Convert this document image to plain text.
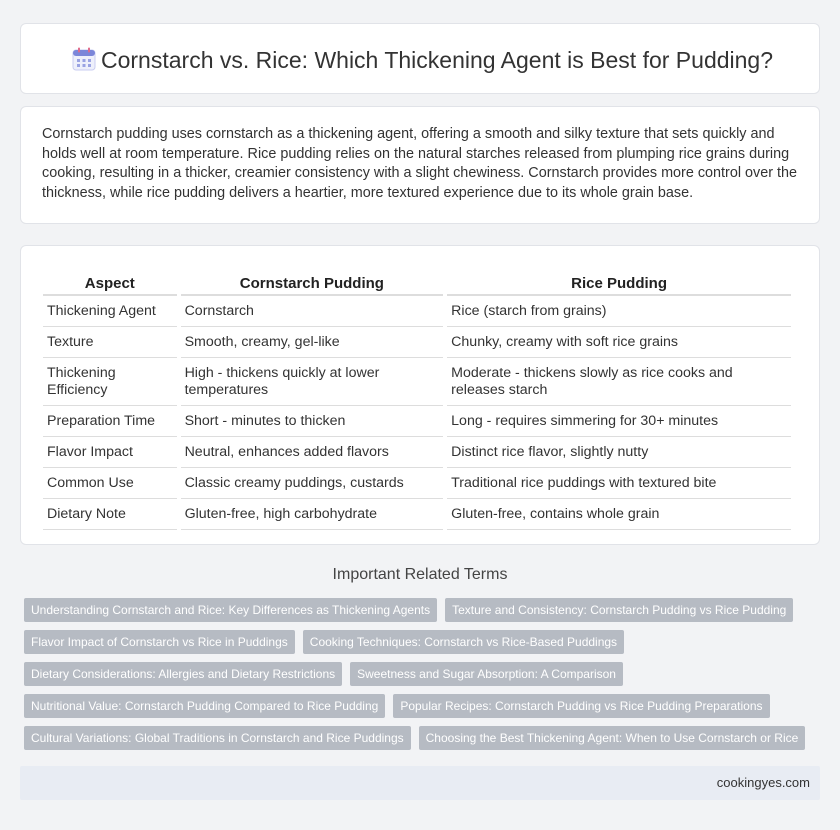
Cornstarch vs. Rice: Which Thickening Agent is Best for Pudding?

Cornstarch pudding uses cornstarch as a thickening agent, offering a smooth and silky texture that sets quickly and holds well at room temperature. Rice pudding relies on the natural starches released from plumping rice grains during cooking, resulting in a thicker, creamier consistency with a slight chewiness. Cornstarch provides more control over the thickness, while rice pudding delivers a heartier, more textured experience due to its whole grain base.

Aspect	Cornstarch Pudding	Rice Pudding
Thickening Agent	Cornstarch	Rice (starch from grains)
Texture	Smooth, creamy, gel-like	Chunky, creamy with soft rice grains
Thickening Efficiency	High - thickens quickly at lower temperatures	Moderate - thickens slowly as rice cooks and releases starch
Preparation Time	Short - minutes to thicken	Long - requires simmering for 30+ minutes
Flavor Impact	Neutral, enhances added flavors	Distinct rice flavor, slightly nutty
Common Use	Classic creamy puddings, custards	Traditional rice puddings with textured bite
Dietary Note	Gluten-free, high carbohydrate	Gluten-free, contains whole grain
Important Related Terms
Understanding Cornstarch and Rice: Key Differences as Thickening Agents	Texture and Consistency: Cornstarch Pudding vs Rice Pudding
Flavor Impact of Cornstarch vs Rice in Puddings	Cooking Techniques: Cornstarch vs Rice-Based Puddings
Dietary Considerations: Allergies and Dietary Restrictions	Sweetness and Sugar Absorption: A Comparison
Nutritional Value: Cornstarch Pudding Compared to Rice Pudding	Popular Recipes: Cornstarch Pudding vs Rice Pudding Preparations
Cultural Variations: Global Traditions in Cornstarch and Rice Puddings	Choosing the Best Thickening Agent: When to Use Cornstarch or Rice
cookingyes.com
